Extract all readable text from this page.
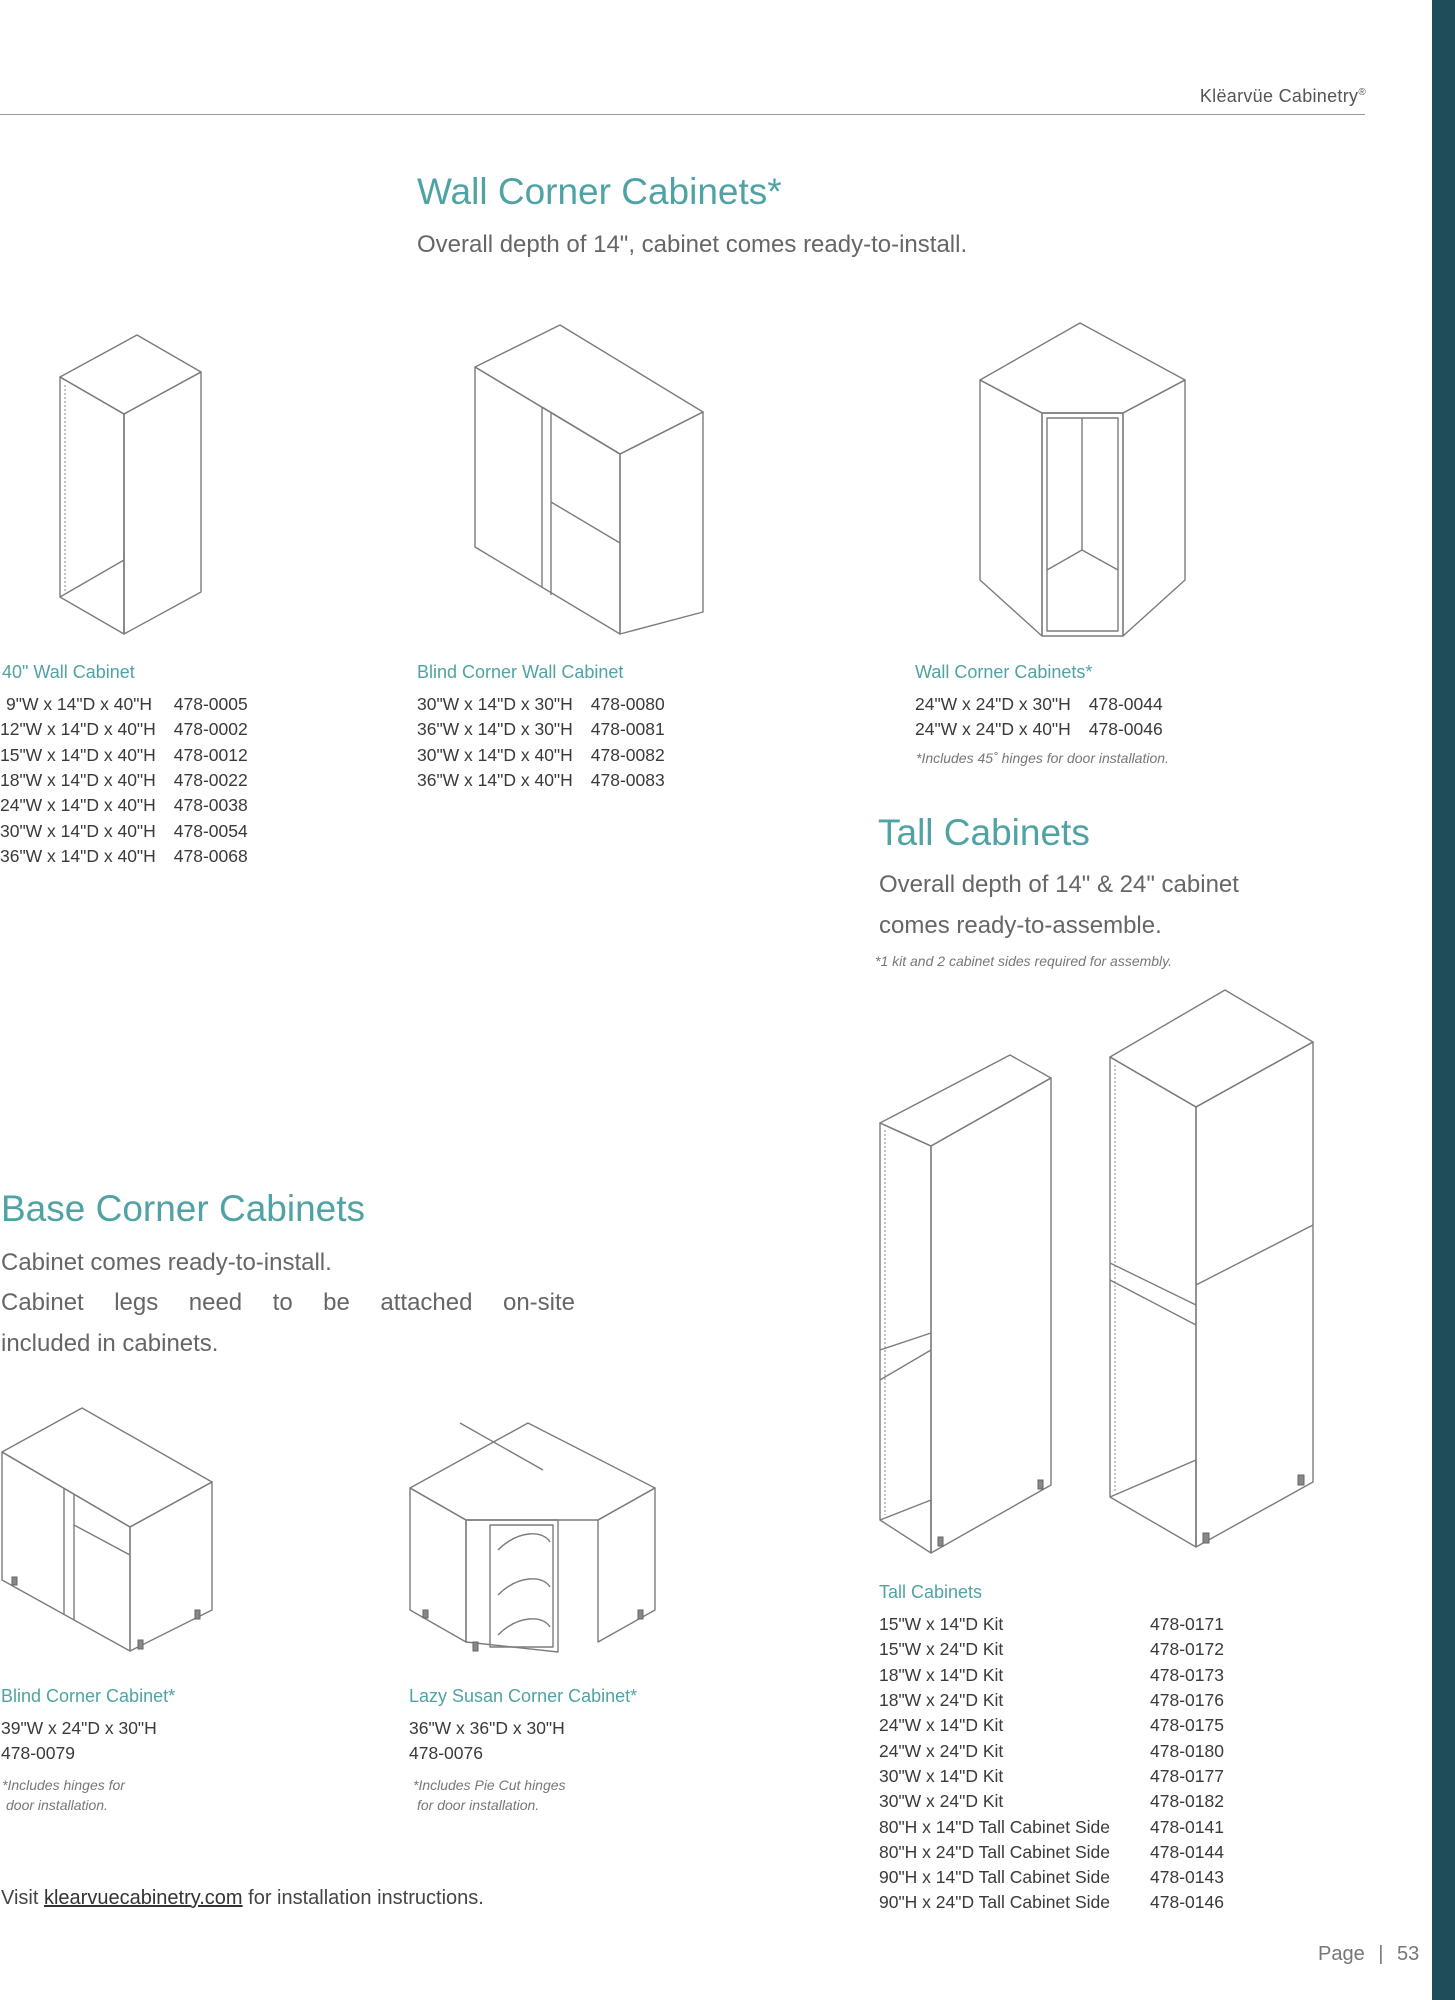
Klëarvüe Cabinetry®
Wall Corner Cabinets*
Overall depth of 14", cabinet comes ready-to-install.
40" Wall Cabinet
9"W x 14"D x 40"H	478-0005
12"W x 14"D x 40"H	478-0002
15"W x 14"D x 40"H	478-0012
18"W x 14"D x 40"H	478-0022
24"W x 14"D x 40"H	478-0038
30"W x 14"D x 40"H	478-0054
36"W x 14"D x 40"H	478-0068
Blind Corner Wall Cabinet
30"W x 14"D x 30"H	478-0080
36"W x 14"D x 30"H	478-0081
30"W x 14"D x 40"H	478-0082
36"W x 14"D x 40"H	478-0083
Wall Corner Cabinets*
24"W x 24"D x 30"H	478-0044
24"W x 24"D x 40"H	478-0046
*Includes 45˚ hinges for door installation.
Tall Cabinets
Overall depth of 14" & 24" cabinet
comes ready-to-assemble.
*1 kit and 2 cabinet sides required for assembly.
Tall Cabinets
15"W x 14"D Kit	478-0171
15"W x 24"D Kit	478-0172
18"W x 14"D Kit	478-0173
18"W x 24"D Kit	478-0176
24"W x 14"D Kit	478-0175
24"W x 24"D Kit	478-0180
30"W x 14"D Kit	478-0177
30"W x 24"D Kit	478-0182
80"H x 14"D Tall Cabinet Side	478-0141
80"H x 24"D Tall Cabinet Side	478-0144
90"H x 14"D Tall Cabinet Side	478-0143
90"H x 24"D Tall Cabinet Side	478-0146
Base Corner Cabinets
Cabinet comes ready-to-install.
Cabinet legs need to be attached on-site
included in cabinets.
Blind Corner Cabinet*
39"W x 24"D x 30"H
478-0079
*Includes hinges for
door installation.
Lazy Susan Corner Cabinet*
36"W x 36"D x 30"H
478-0076
*Includes Pie Cut hinges
for door installation.
Visit klearvuecabinetry.com for installation instructions.
Page | 53
